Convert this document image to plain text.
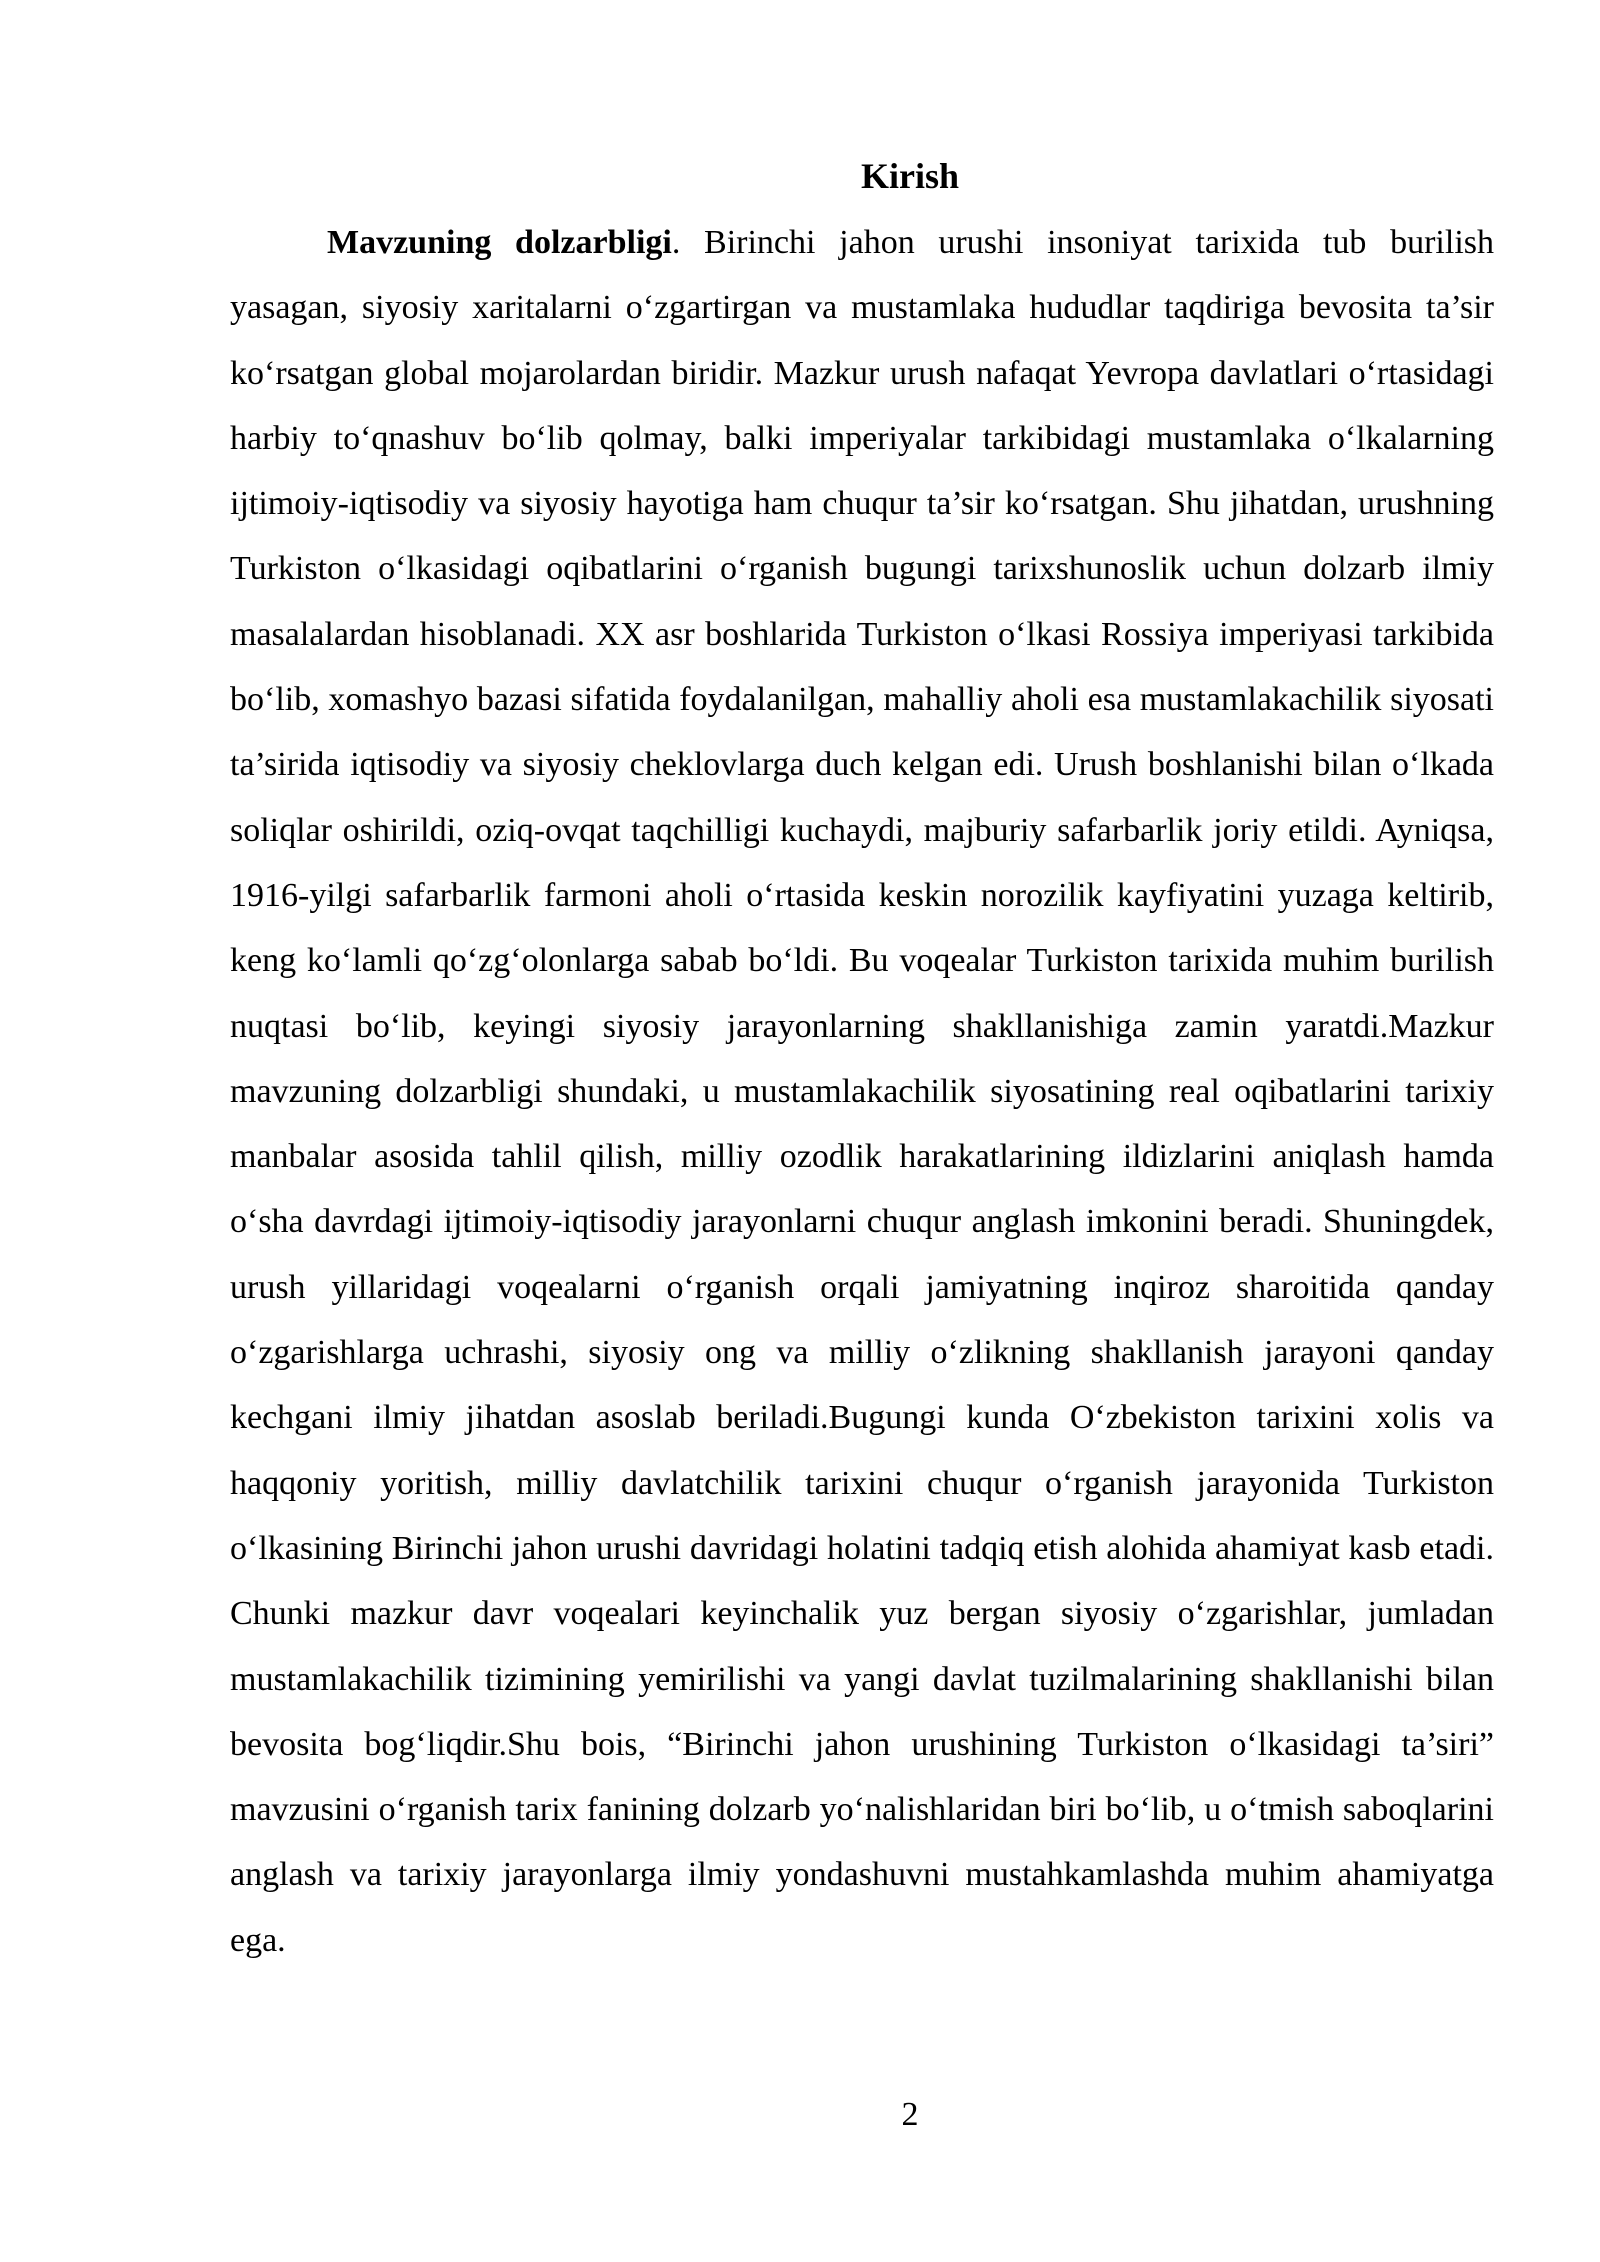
Kirish

Mavzuning dolzarbligi. Birinchi jahon urushi insoniyat tarixida tub burilish yasagan, siyosiy xaritalarni o‘zgartirgan va mustamlaka hududlar taqdiriga bevosita ta’sir ko‘rsatgan global mojarolardan biridir. Mazkur urush nafaqat Yevropa davlatlari o‘rtasidagi harbiy to‘qnashuv bo‘lib qolmay, balki imperiyalar tarkibidagi mustamlaka o‘lkalarning ijtimoiy-iqtisodiy va siyosiy hayotiga ham chuqur ta’sir ko‘rsatgan. Shu jihatdan, urushning Turkiston o‘lkasidagi oqibatlarini o‘rganish bugungi tarixshunoslik uchun dolzarb ilmiy masalalardan hisoblanadi. XX asr boshlarida Turkiston o‘lkasi Rossiya imperiyasi tarkibida bo‘lib, xomashyo bazasi sifatida foydalanilgan, mahalliy aholi esa mustamlakachilik siyosati ta’sirida iqtisodiy va siyosiy cheklovlarga duch kelgan edi. Urush boshlanishi bilan o‘lkada soliqlar oshirildi, oziq-ovqat taqchilligi kuchaydi, majburiy safarbarlik joriy etildi. Ayniqsa, 1916-yilgi safarbarlik farmoni aholi o‘rtasida keskin norozilik kayfiyatini yuzaga keltirib, keng ko‘lamli qo‘zg‘olonlarga sabab bo‘ldi. Bu voqealar Turkiston tarixida muhim burilish nuqtasi bo‘lib, keyingi siyosiy jarayonlarning shakllanishiga zamin yaratdi.Mazkur mavzuning dolzarbligi shundaki, u mustamlakachilik siyosatining real oqibatlarini tarixiy manbalar asosida tahlil qilish, milliy ozodlik harakatlarining ildizlarini aniqlash hamda o‘sha davrdagi ijtimoiy-iqtisodiy jarayonlarni chuqur anglash imkonini beradi. Shuningdek, urush yillaridagi voqealarni o‘rganish orqali jamiyatning inqiroz sharoitida qanday o‘zgarishlarga uchrashi, siyosiy ong va milliy o‘zlikning shakllanish jarayoni qanday kechgani ilmiy jihatdan asoslab beriladi.Bugungi kunda O‘zbekiston tarixini xolis va haqqoniy yoritish, milliy davlatchilik tarixini chuqur o‘rganish jarayonida Turkiston o‘lkasining Birinchi jahon urushi davridagi holatini tadqiq etish alohida ahamiyat kasb etadi. Chunki mazkur davr voqealari keyinchalik yuz bergan siyosiy o‘zgarishlar, jumladan mustamlakachilik tizimining yemirilishi va yangi davlat tuzilmalarining shakllanishi bilan bevosita bog‘liqdir.Shu bois, “Birinchi jahon urushining Turkiston o‘lkasidagi ta’siri” mavzusini o‘rganish tarix fanining dolzarb yo‘nalishlaridan biri bo‘lib, u o‘tmish saboqlarini anglash va tarixiy jarayonlarga ilmiy yondashuvni mustahkamlashda muhim ahamiyatga ega.

2
